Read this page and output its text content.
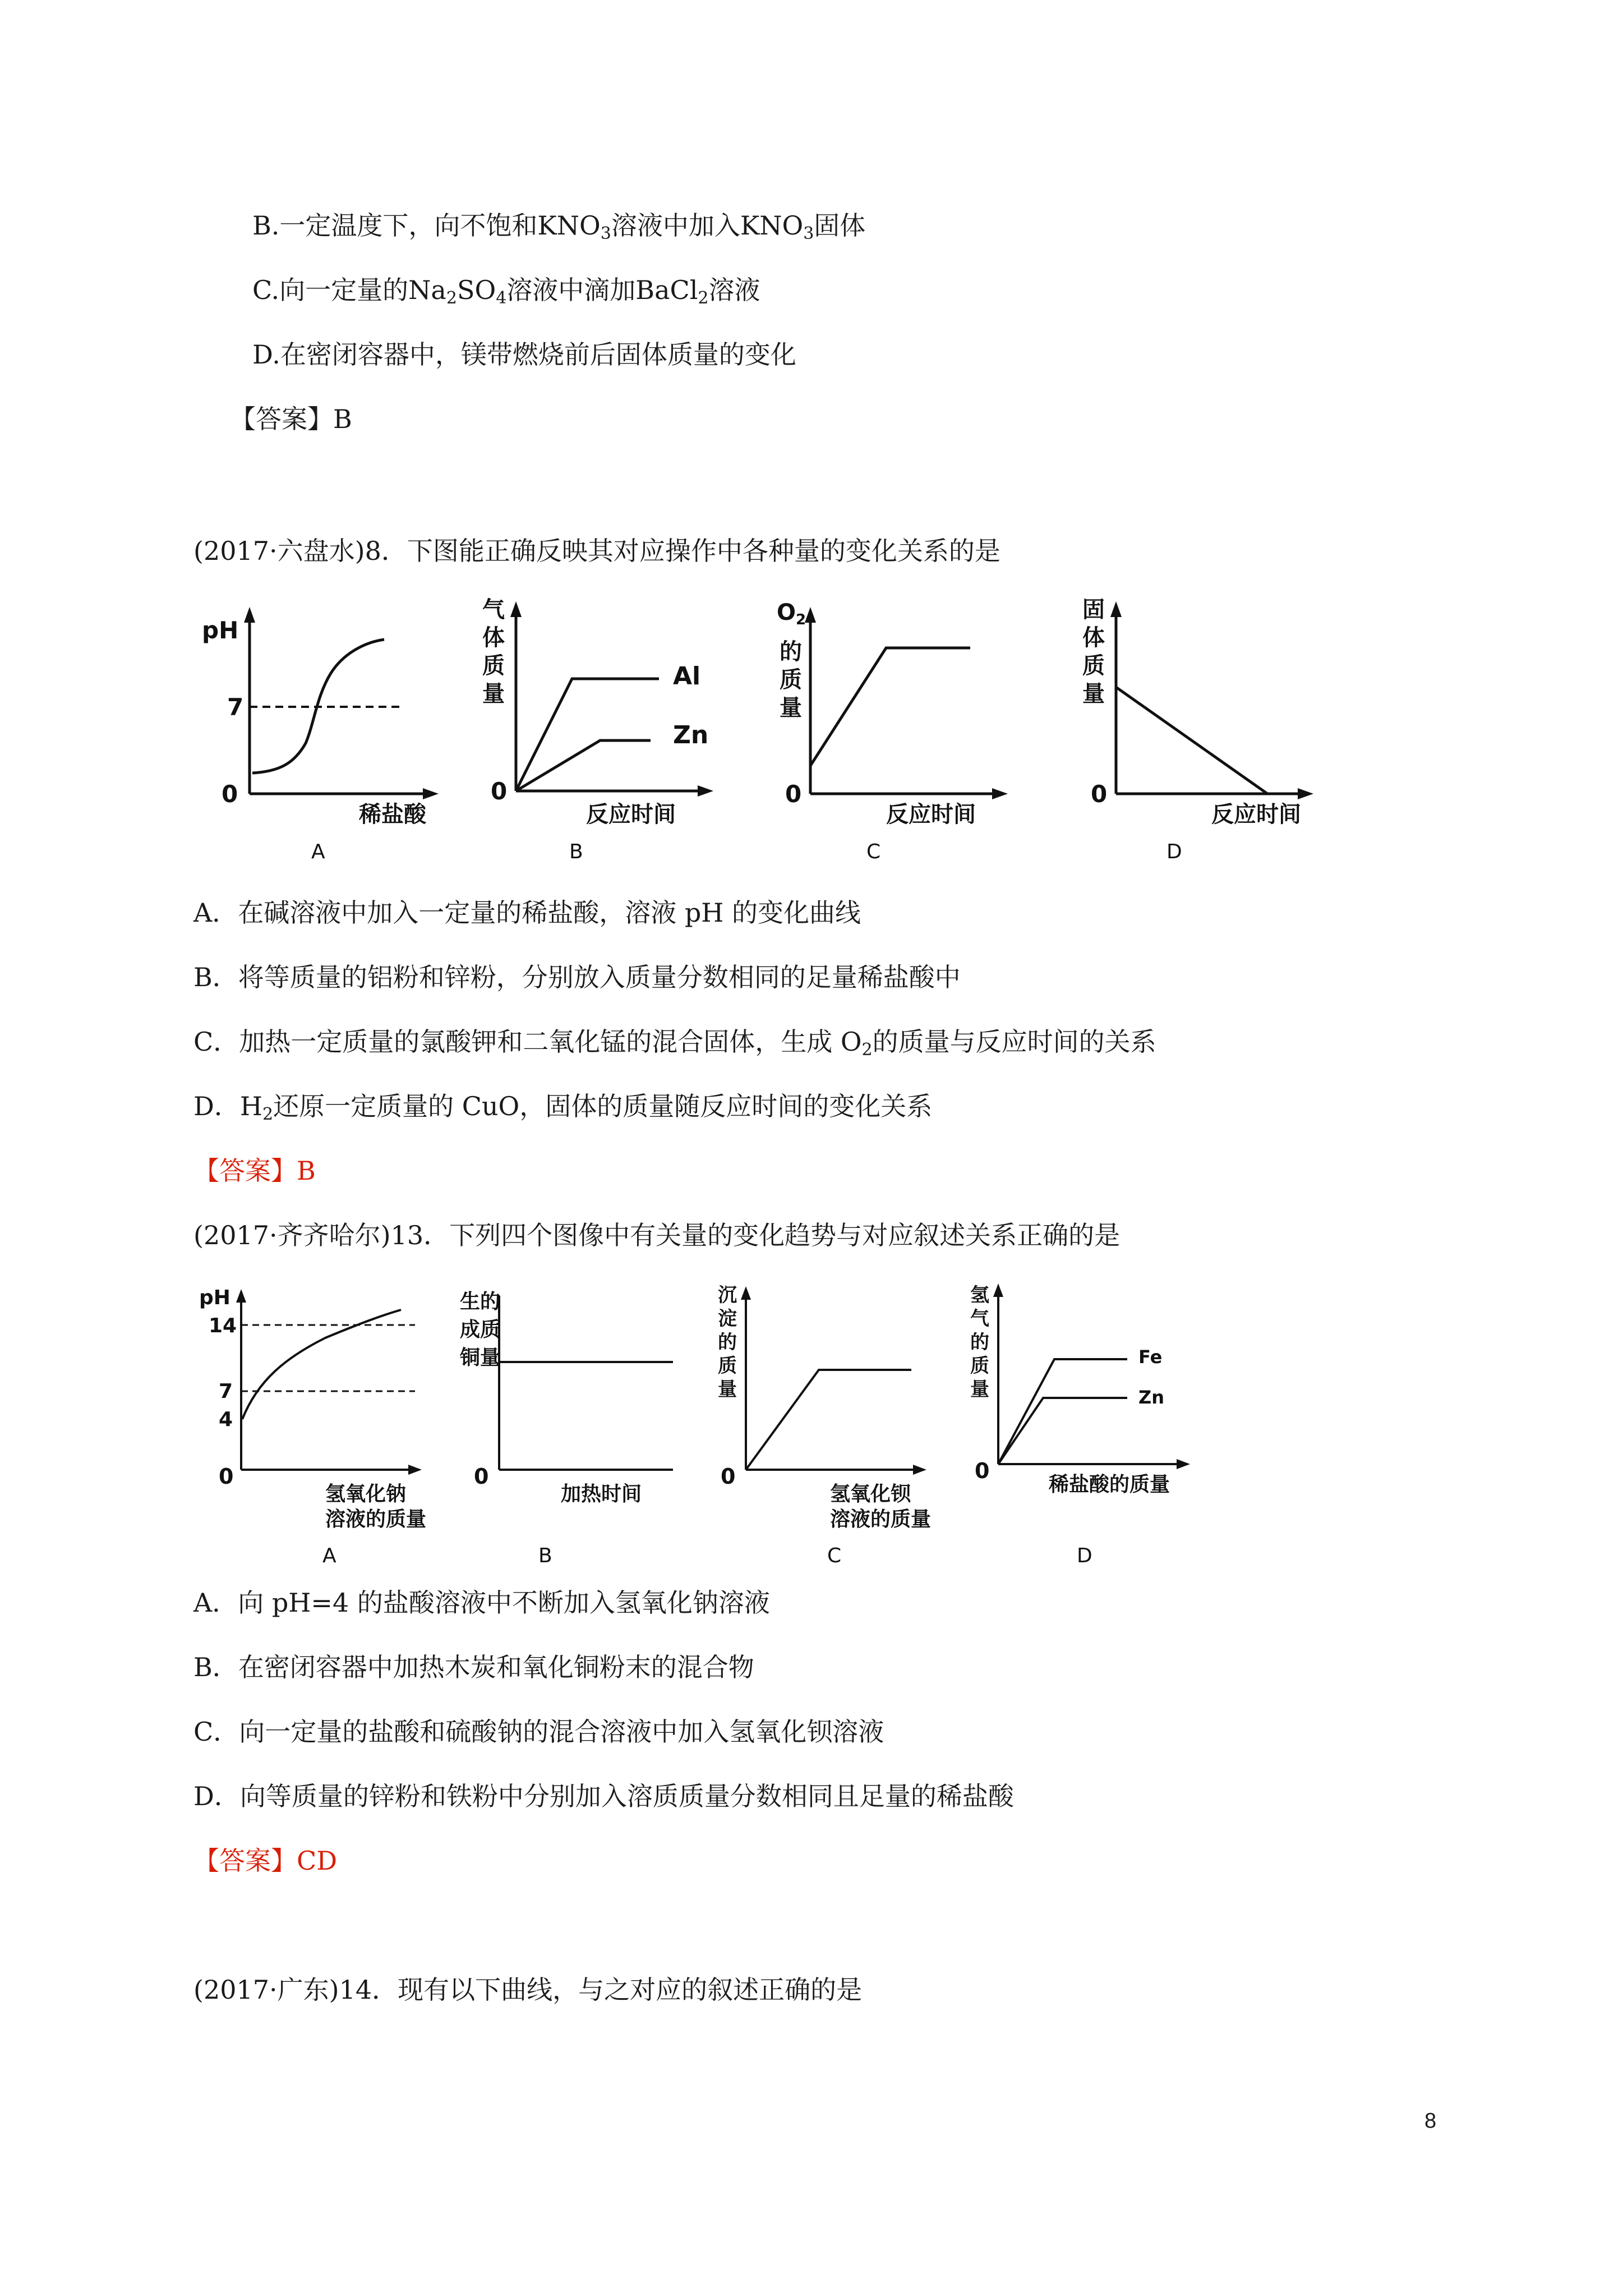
B.一定温度下，向不饱和$KNO_3$溶液中加入$KNO_3$固体
C.向一定量的$Na_2SO_4$溶液中滴加BaCl$_2$溶液
D.在密闭容器中，镁带燃烧前后固体质量的变化
【答案】B
(2017·六盘水)8．下图能正确反映其对应操作中各种量的变化关系的是
pH
7
0
稀盐酸
A
气
体
质
量
0
Al
Zn
反应时间
B
$O_2$
的
质
量
0
反应时间
C
固
体
质
量
0
反应时间
D
A．在碱溶液中加入一定量的稀盐酸，溶液 pH 的变化曲线
B．将等质量的铝粉和锌粉，分别放入质量分数相同的足量稀盐酸中
C．加热一定质量的氯酸钾和二氧化锰的混合固体，生成 $O_2$的质量与反应时间的关系
D．$H_2$还原一定质量的 CuO，固体的质量随反应时间的变化关系
【答案】B
(2017·齐齐哈尔)13．下列四个图像中有关量的变化趋势与对应叙述关系正确的是
pH
14
7
4
0
氢氧化钠
溶液的质量
A
生的
成质
铜量
0
加热时间
B
沉
淀
的
质
量
0
氢氧化钡
溶液的质量
C
氢
气
的
质
量
Fe
Zn
0
稀盐酸的质量
D
A．向 pH=4 的盐酸溶液中不断加入氢氧化钠溶液
B．在密闭容器中加热木炭和氧化铜粉末的混合物
C．向一定量的盐酸和硫酸钠的混合溶液中加入氢氧化钡溶液
D．向等质量的锌粉和铁粉中分别加入溶质质量分数相同且足量的稀盐酸
【答案】CD
(2017·广东)14．现有以下曲线，与之对应的叙述正确的是
8
